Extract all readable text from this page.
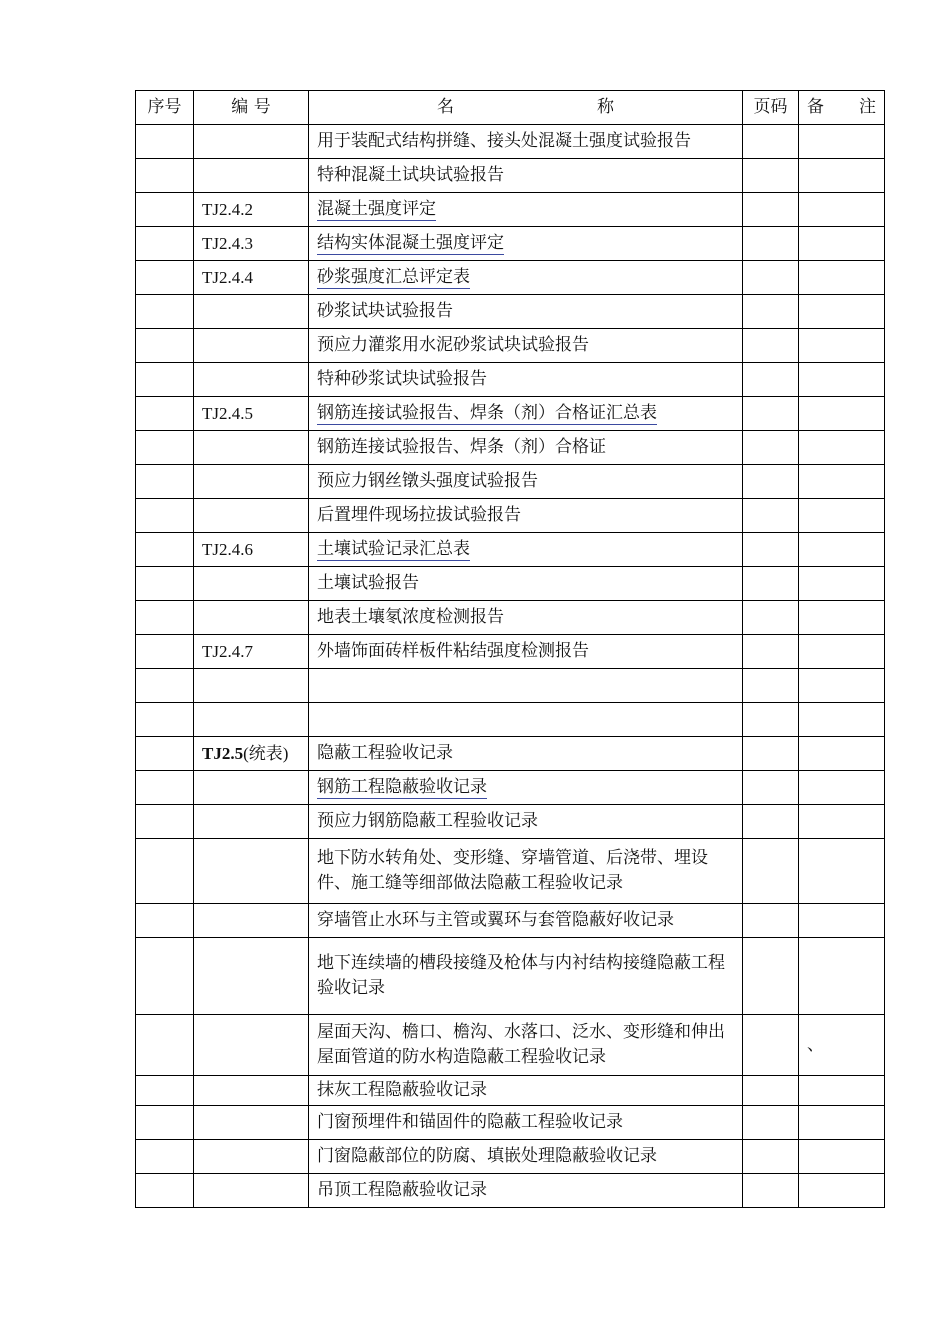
序号	编 号	名 称	页码	备 注

		用于装配式结构拼缝、接头处混凝土强度试验报告		
		特种混凝土试块试验报告		
	TJ2.4.2	混凝土强度评定		
	TJ2.4.3	结构实体混凝土强度评定		
	TJ2.4.4	砂浆强度汇总评定表		
		砂浆试块试验报告		
		预应力灌浆用水泥砂浆试块试验报告		
		特种砂浆试块试验报告		
	TJ2.4.5	钢筋连接试验报告、焊条（剂）合格证汇总表		
		钢筋连接试验报告、焊条（剂）合格证		
		预应力钢丝镦头强度试验报告		
		后置埋件现场拉拔试验报告		
	TJ2.4.6	土壤试验记录汇总表		
		土壤试验报告		
		地表土壤氡浓度检测报告		
	TJ2.4.7	外墙饰面砖样板件粘结强度检测报告		

	TJ2.5(统表)	隐蔽工程验收记录		
		钢筋工程隐蔽验收记录		
		预应力钢筋隐蔽工程验收记录		
		地下防水转角处、变形缝、穿墙管道、后浇带、埋设件、施工缝等细部做法隐蔽工程验收记录		
		穿墙管止水环与主管或翼环与套管隐蔽好收记录		
		地下连续墙的槽段接缝及枪体与内衬结构接缝隐蔽工程验收记录		
		屋面天沟、檐口、檐沟、水落口、泛水、变形缝和伸出屋面管道的防水构造隐蔽工程验收记录		、
		抹灰工程隐蔽验收记录		
		门窗预埋件和锚固件的隐蔽工程验收记录		
		门窗隐蔽部位的防腐、填嵌处理隐蔽验收记录		
		吊顶工程隐蔽验收记录		
